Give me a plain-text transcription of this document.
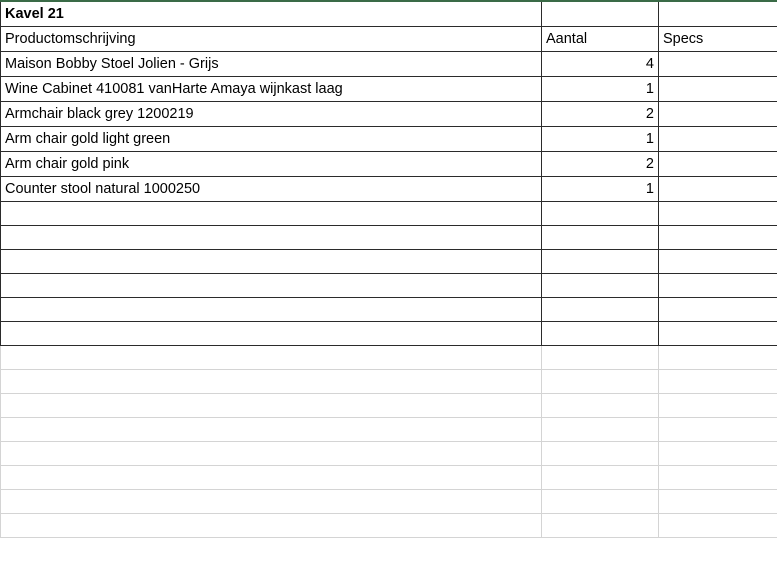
Kavel 21		
Productomschrijving	Aantal	Specs
Maison Bobby Stoel Jolien - Grijs	4	
Wine Cabinet 410081 vanHarte Amaya wijnkast laag	1	
Armchair black grey 1200219	2	
Arm chair gold light green	1	
Arm chair gold pink	2	
Counter stool natural 1000250	1	
